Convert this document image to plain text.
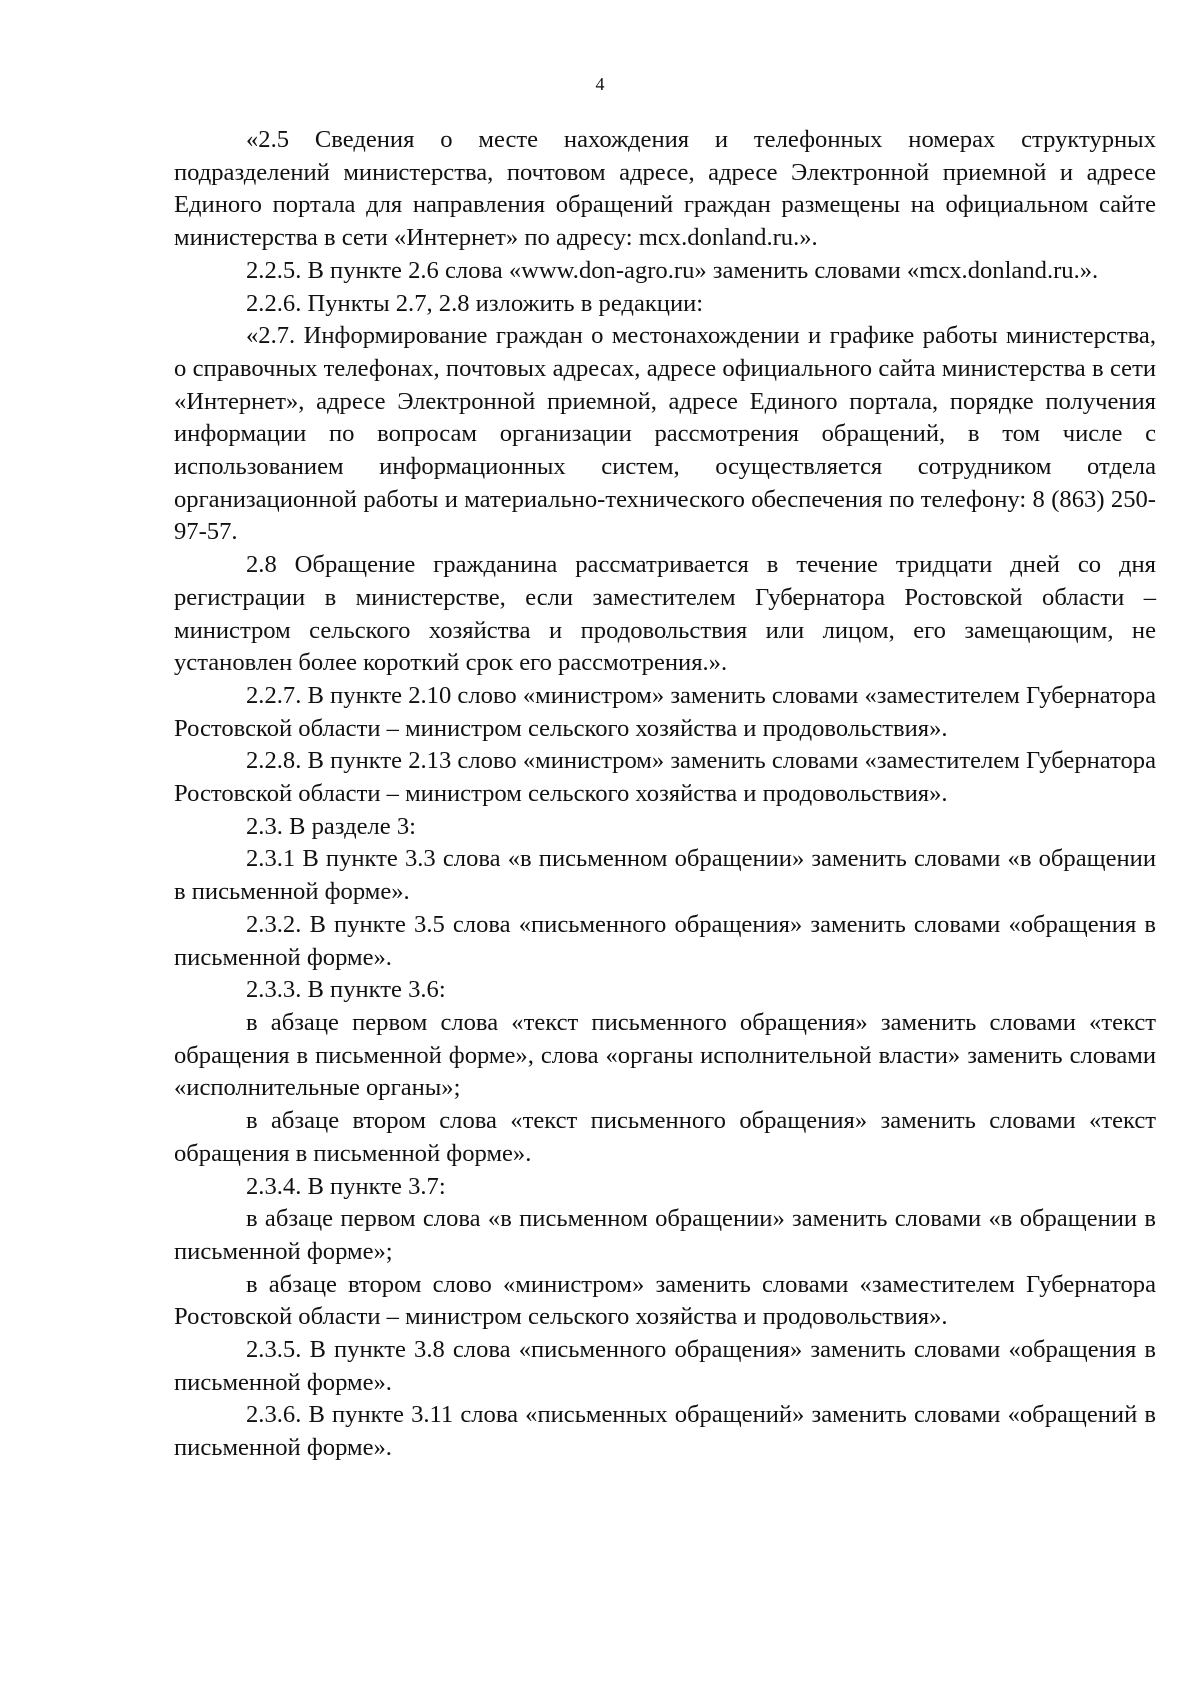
4

«2.5 Сведения о месте нахождения и телефонных номерах структурных подразделений министерства, почтовом адресе, адресе Электронной приемной и адресе Единого портала для направления обращений граждан размещены на официальном сайте министерства в сети «Интернет» по адресу: mcx.donland.ru.».

2.2.5. В пункте 2.6 слова «www.don-agro.ru» заменить словами «mcx.donland.ru.».

2.2.6. Пункты 2.7, 2.8 изложить в редакции:

«2.7. Информирование граждан о местонахождении и графике работы министерства, о справочных телефонах, почтовых адресах, адресе официального сайта министерства в сети «Интернет», адресе Электронной приемной, адресе Единого портала, порядке получения информации по вопросам организации рассмотрения обращений, в том числе с использованием информационных систем, осуществляется сотрудником отдела организационной работы и материально-технического обеспечения по телефону: 8 (863) 250-97-57.

2.8 Обращение гражданина рассматривается в течение тридцати дней со дня регистрации в министерстве, если заместителем Губернатора Ростовской области – министром сельского хозяйства и продовольствия или лицом, его замещающим, не установлен более короткий срок его рассмотрения.».

2.2.7. В пункте 2.10 слово «министром» заменить словами «заместителем Губернатора Ростовской области – министром сельского хозяйства и продовольствия».

2.2.8. В пункте 2.13 слово «министром» заменить словами «заместителем Губернатора Ростовской области – министром сельского хозяйства и продовольствия».

2.3. В разделе 3:

2.3.1 В пункте 3.3 слова «в письменном обращении» заменить словами «в обращении в письменной форме».

2.3.2. В пункте 3.5 слова «письменного обращения» заменить словами «обращения в письменной форме».

2.3.3. В пункте 3.6:

в абзаце первом слова «текст письменного обращения» заменить словами «текст обращения в письменной форме», слова «органы исполнительной власти» заменить словами «исполнительные органы»;

в абзаце втором слова «текст письменного обращения» заменить словами «текст обращения в письменной форме».

2.3.4. В пункте 3.7:

в абзаце первом слова «в письменном обращении» заменить словами «в обращении в письменной форме»;

в абзаце втором слово «министром» заменить словами «заместителем Губернатора Ростовской области – министром сельского хозяйства и продовольствия».

2.3.5. В пункте 3.8 слова «письменного обращения» заменить словами «обращения в письменной форме».

2.3.6. В пункте 3.11 слова «письменных обращений» заменить словами «обращений в письменной форме».
